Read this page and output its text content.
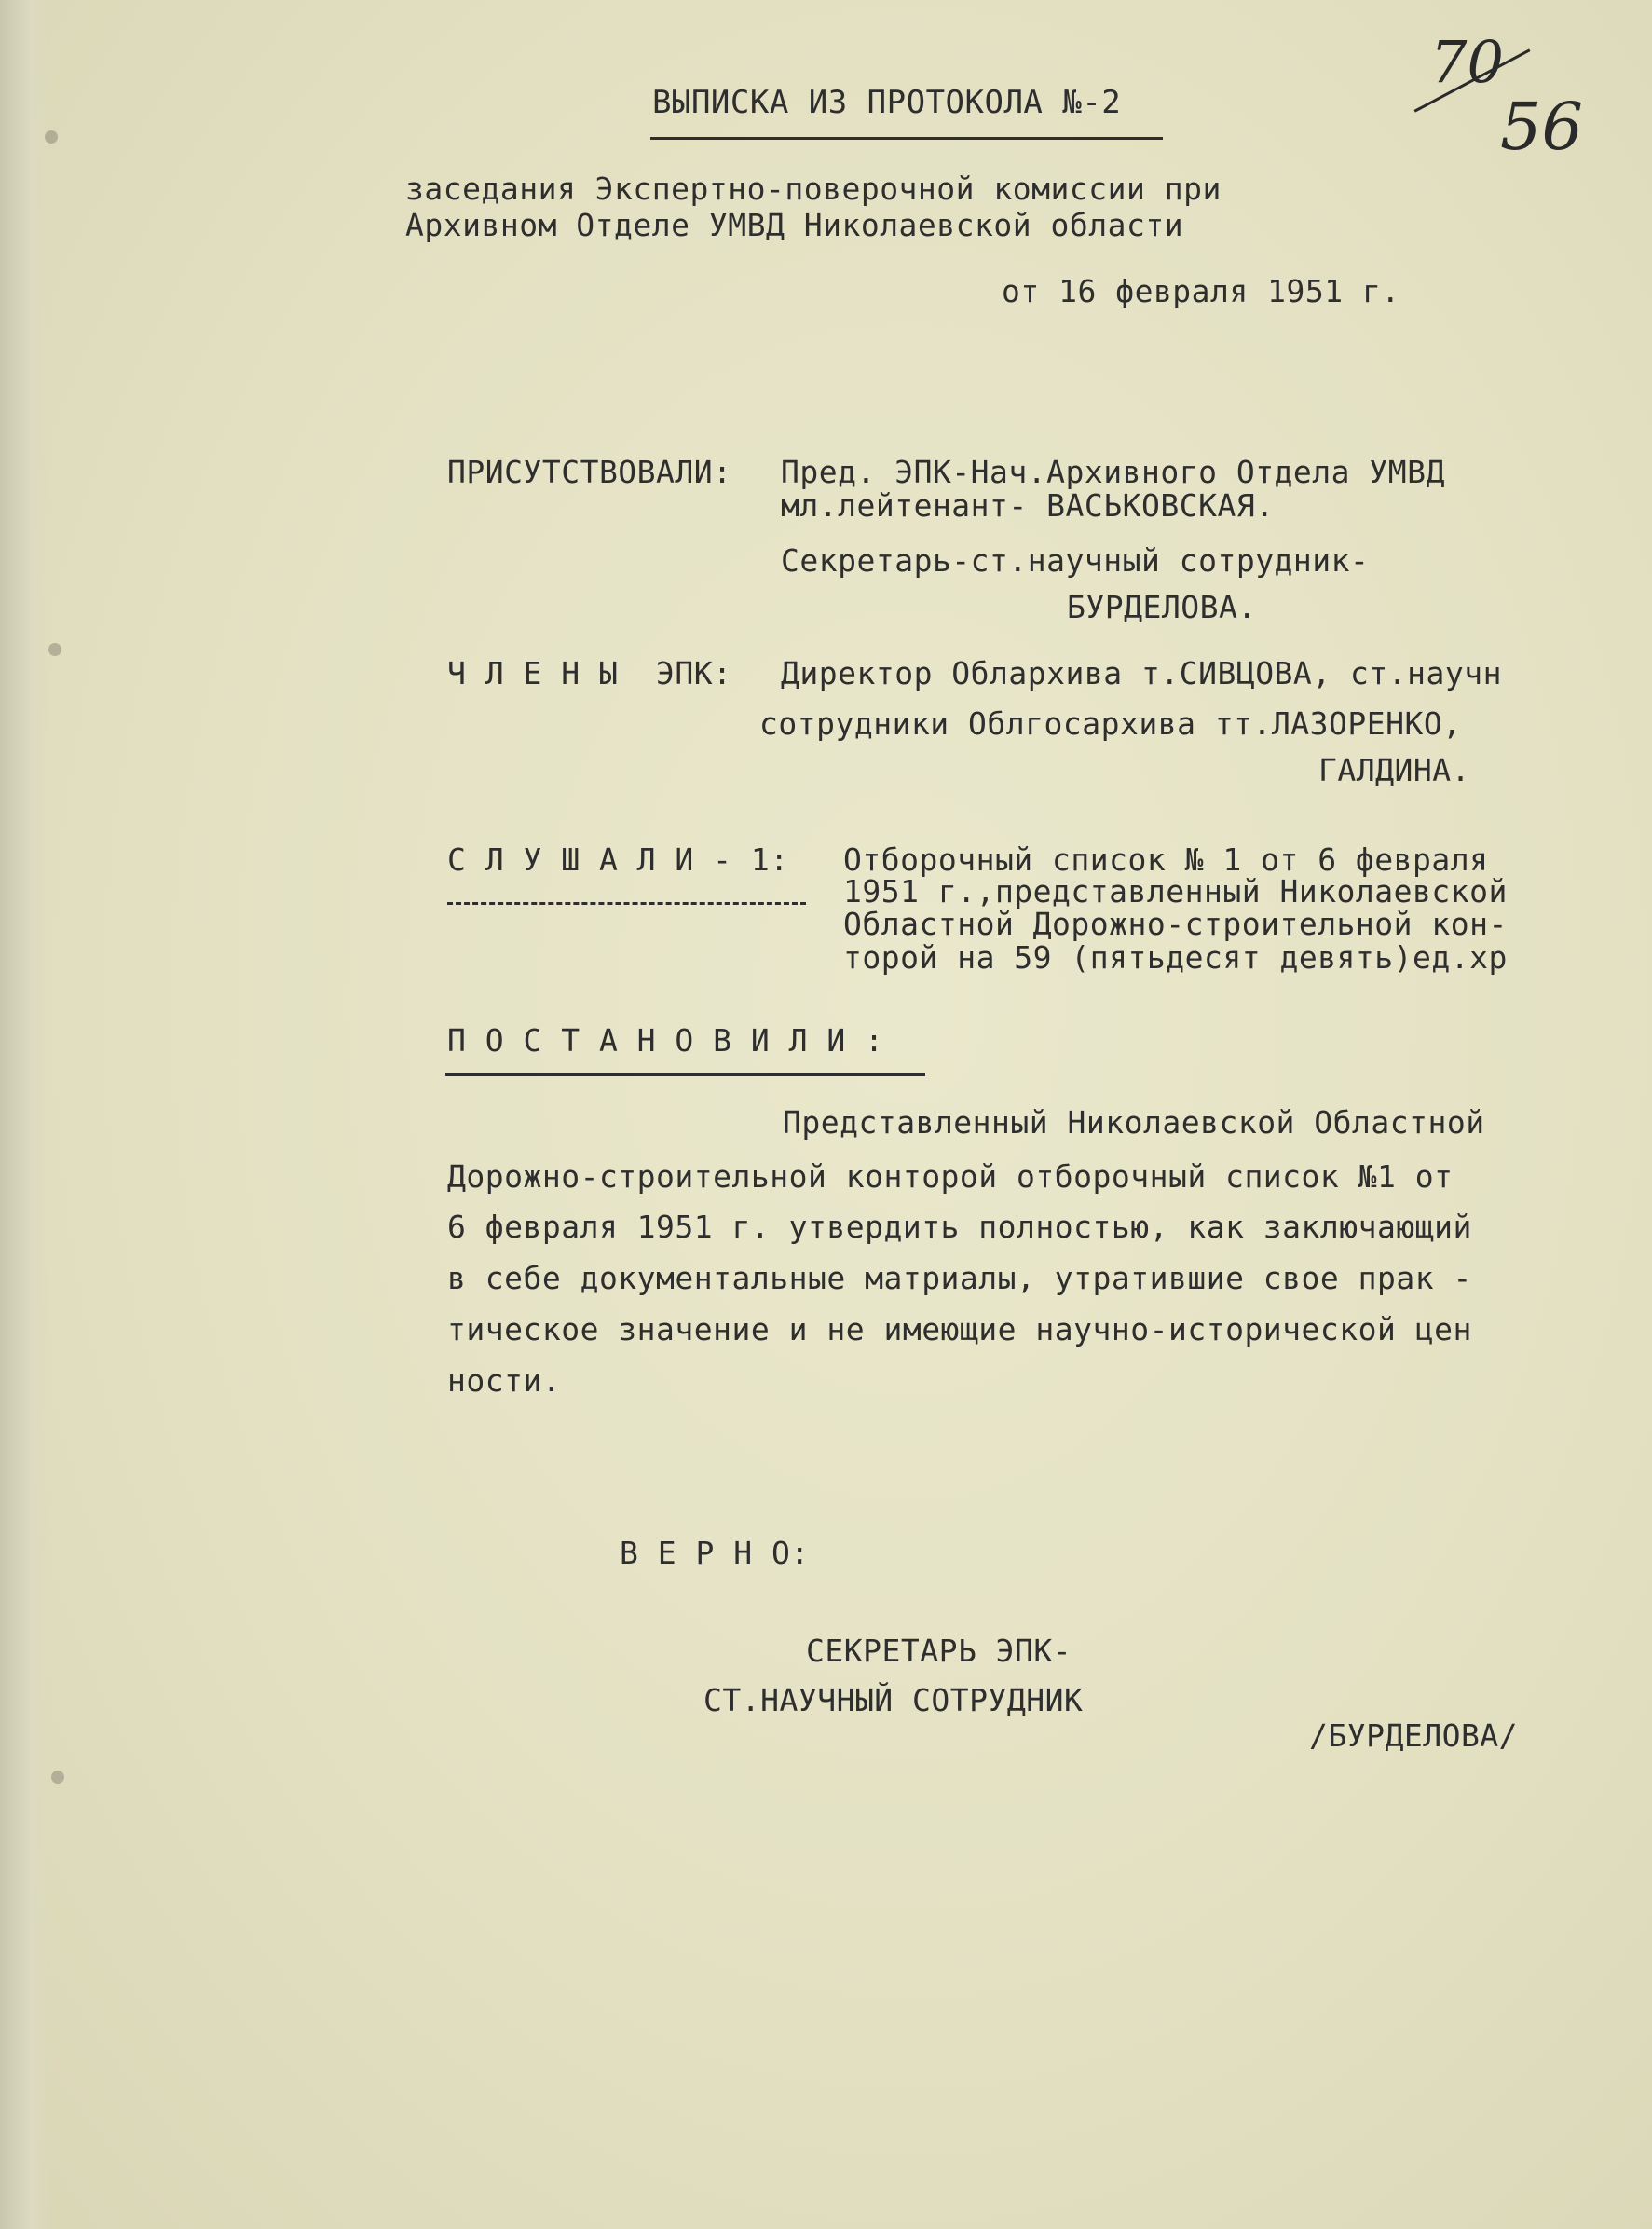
70
56
ВЫПИСКА ИЗ ПРОТОКОЛА №-2
заседания Экспертно-поверочной комиссии при
Архивном Отделе УМВД Николаевской области
от 16 февраля 1951 г.
ПРИСУТСТВОВАЛИ: Пред. ЭПК-Нач.Архивного Отдела УМВД
мл.лейтенант- ВАСЬКОВСКАЯ.
Секретарь-ст.научный сотрудник-
БУРДЕЛОВА.
Ч Л Е Н Ы  ЭПК: Директор Облархива т.СИВЦОВА, ст.научн
сотрудники Облгосархива тт.ЛАЗОРЕНКО,
ГАЛДИНА.
С Л У Ш А Л И - 1: Отборочный список № 1 от 6 февраля
1951 г.,представленный Николаевской
Областной Дорожно-строительной кон-
торой на 59 (пятьдесят девять)ед.хр
П О С Т А Н О В И Л И :
Представленный Николаевской Областной
Дорожно-строительной конторой отборочный список №1 от
6 февраля 1951 г. утвердить полностью, как заключающий
в себе документальные матриалы, утратившие свое прак -
тическое значение и не имеющие научно-исторической цен
ности.
В Е Р Н О:
СЕКРЕТАРЬ ЭПК-
СТ.НАУЧНЫЙ СОТРУДНИК
/БУРДЕЛОВА/
